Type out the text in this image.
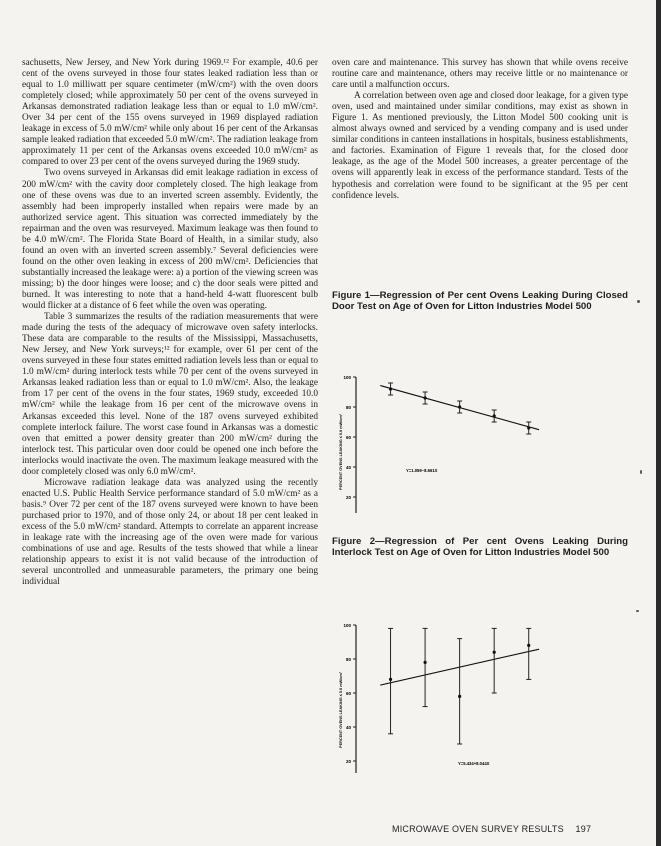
sachusetts, New Jersey, and New York during 1969.¹² For example, 40.6 per cent of the ovens surveyed in those four states leaked radiation less than or equal to 1.0 milliwatt per square centimeter (mW/cm²) with the oven doors completely closed; while approximately 50 per cent of the ovens surveyed in Arkansas demonstrated radiation leakage less than or equal to 1.0 mW/cm². Over 34 per cent of the 155 ovens surveyed in 1969 displayed radiation leakage in excess of 5.0 mW/cm² while only about 16 per cent of the Arkansas sample leaked radiation that exceeded 5.0 mW/cm². The radiation leakage from approximately 11 per cent of the Arkansas ovens exceeded 10.0 mW/cm² as compared to over 23 per cent of the ovens surveyed during the 1969 study.

Two ovens surveyed in Arkansas did emit leakage radiation in excess of 200 mW/cm² with the cavity door completely closed. The high leakage from one of these ovens was due to an inverted screen assembly. Evidently, the assembly had been improperly installed when repairs were made by an authorized service agent. This situation was corrected immediately by the repairman and the oven was resurveyed. Maximum leakage was then found to be 4.0 mW/cm². The Florida State Board of Health, in a similar study, also found an oven with an inverted screen assembly.⁷ Several deficiencies were found on the other oven leaking in excess of 200 mW/cm². Deficiencies that substantially increased the leakage were: a) a portion of the viewing screen was missing; b) the door hinges were loose; and c) the door seals were pitted and burned. It was interesting to note that a hand-held 4-watt fluorescent bulb would flicker at a distance of 6 feet while the oven was operating.

Table 3 summarizes the results of the radiation measurements that were made during the tests of the adequacy of microwave oven safety interlocks. These data are comparable to the results of the Mississippi, Massachusetts, New Jersey, and New York surveys;¹² for example, over 61 per cent of the ovens surveyed in these four states emitted radiation levels less than or equal to 1.0 mW/cm² during interlock tests while 70 per cent of the ovens surveyed in Arkansas leaked radiation less than or equal to 1.0 mW/cm². Also, the leakage from 17 per cent of the ovens in the four states, 1969 study, exceeded 10.0 mW/cm² while the leakage from 16 per cent of the microwave ovens in Arkansas exceeded this level. None of the 187 ovens surveyed exhibited complete interlock failure. The worst case found in Arkansas was a domestic oven that emitted a power density greater than 200 mW/cm² during the interlock test. This particular oven door could be opened one inch before the interlocks would inactivate the oven. The maximum leakage measured with the door completely closed was only 6.0 mW/cm².

Microwave radiation leakage data was analyzed using the recently enacted U.S. Public Health Service performance standard of 5.0 mW/cm² as a basis.⁹ Over 72 per cent of the 187 ovens surveyed were known to have been purchased prior to 1970, and of those only 24, or about 18 per cent leaked in excess of the 5.0 mW/cm² standard. Attempts to correlate an apparent increase in leakage rate with the increasing age of the oven were made for various combinations of use and age. Results of the tests showed that while a linear relationship appears to exist it is not valid because of the introduction of several uncontrolled and unmeasurable parameters, the primary one being individual

oven care and maintenance. This survey has shown that while ovens receive routine care and maintenance, others may receive little or no maintenance or care until a malfunction occurs.

A correlation between oven age and closed door leakage, for a given type oven, used and maintained under similar conditions, may exist as shown in Figure 1. As mentioned previously, the Litton Model 500 cooking unit is almost always owned and serviced by a vending company and is used under similar conditions in canteen installations in hospitals, business establishments, and factories. Examination of Figure 1 reveals that, for the closed door leakage, as the age of the Model 500 increases, a greater percentage of the ovens will apparently leak in excess of the performance standard. Tests of the hypothesis and correlation were found to be significant at the 95 per cent confidence levels.

Figure 1—Regression of Per cent Ovens Leaking During Closed Door Test on Age of Oven for Litton Industries Model 500

20
40
60
80
100
PERCENT OVENS LEAKING ≤ 5.0 mW/cm²	Y=1.059−8.661X

Figure 2—Regression of Per cent Ovens Leaking During Interlock Test on Age of Oven for Litton Industries Model 500

20
40
60
80
100
PERCENT OVENS LEAKING ≤ 5.0 mW/cm²
Y=5.434+8.044X
MICROWAVE OVEN SURVEY RESULTS 197
